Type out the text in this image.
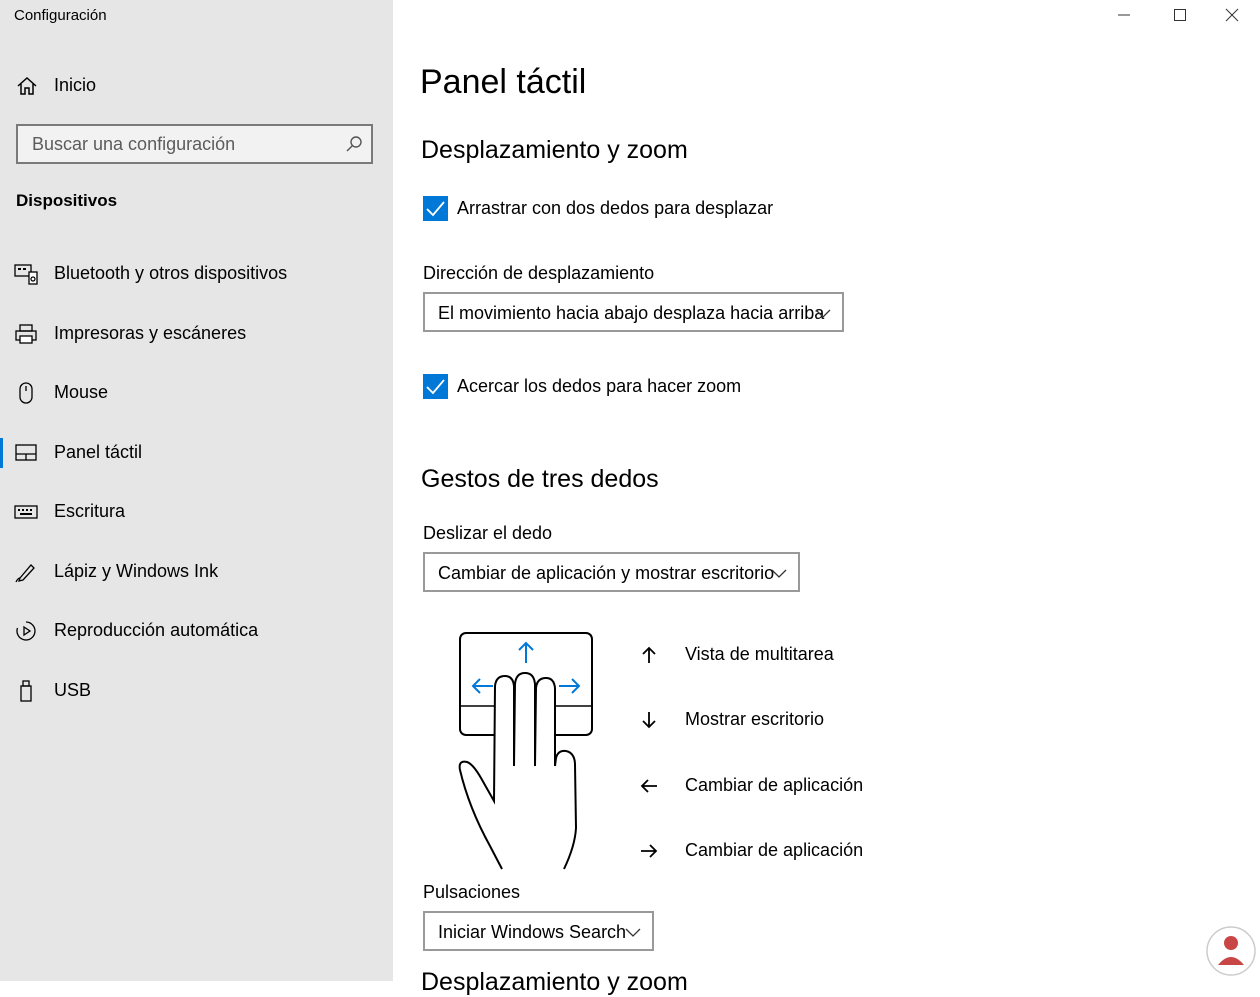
Configuración
Inicio
Buscar una configuración
Dispositivos
Bluetooth y otros dispositivos
Impresoras y escáneres
Mouse
Panel táctil
Escritura
Lápiz y Windows Ink
Reproducción automática
USB
Panel táctil
Desplazamiento y zoom
Arrastrar con dos dedos para desplazar
Dirección de desplazamiento
El movimiento hacia abajo desplaza hacia arriba
Acercar los dedos para hacer zoom
Gestos de tres dedos
Deslizar el dedo
Cambiar de aplicación y mostrar escritorio
Vista de multitarea
Mostrar escritorio
Cambiar de aplicación
Cambiar de aplicación
Pulsaciones
Iniciar Windows Search
Desplazamiento y zoom
